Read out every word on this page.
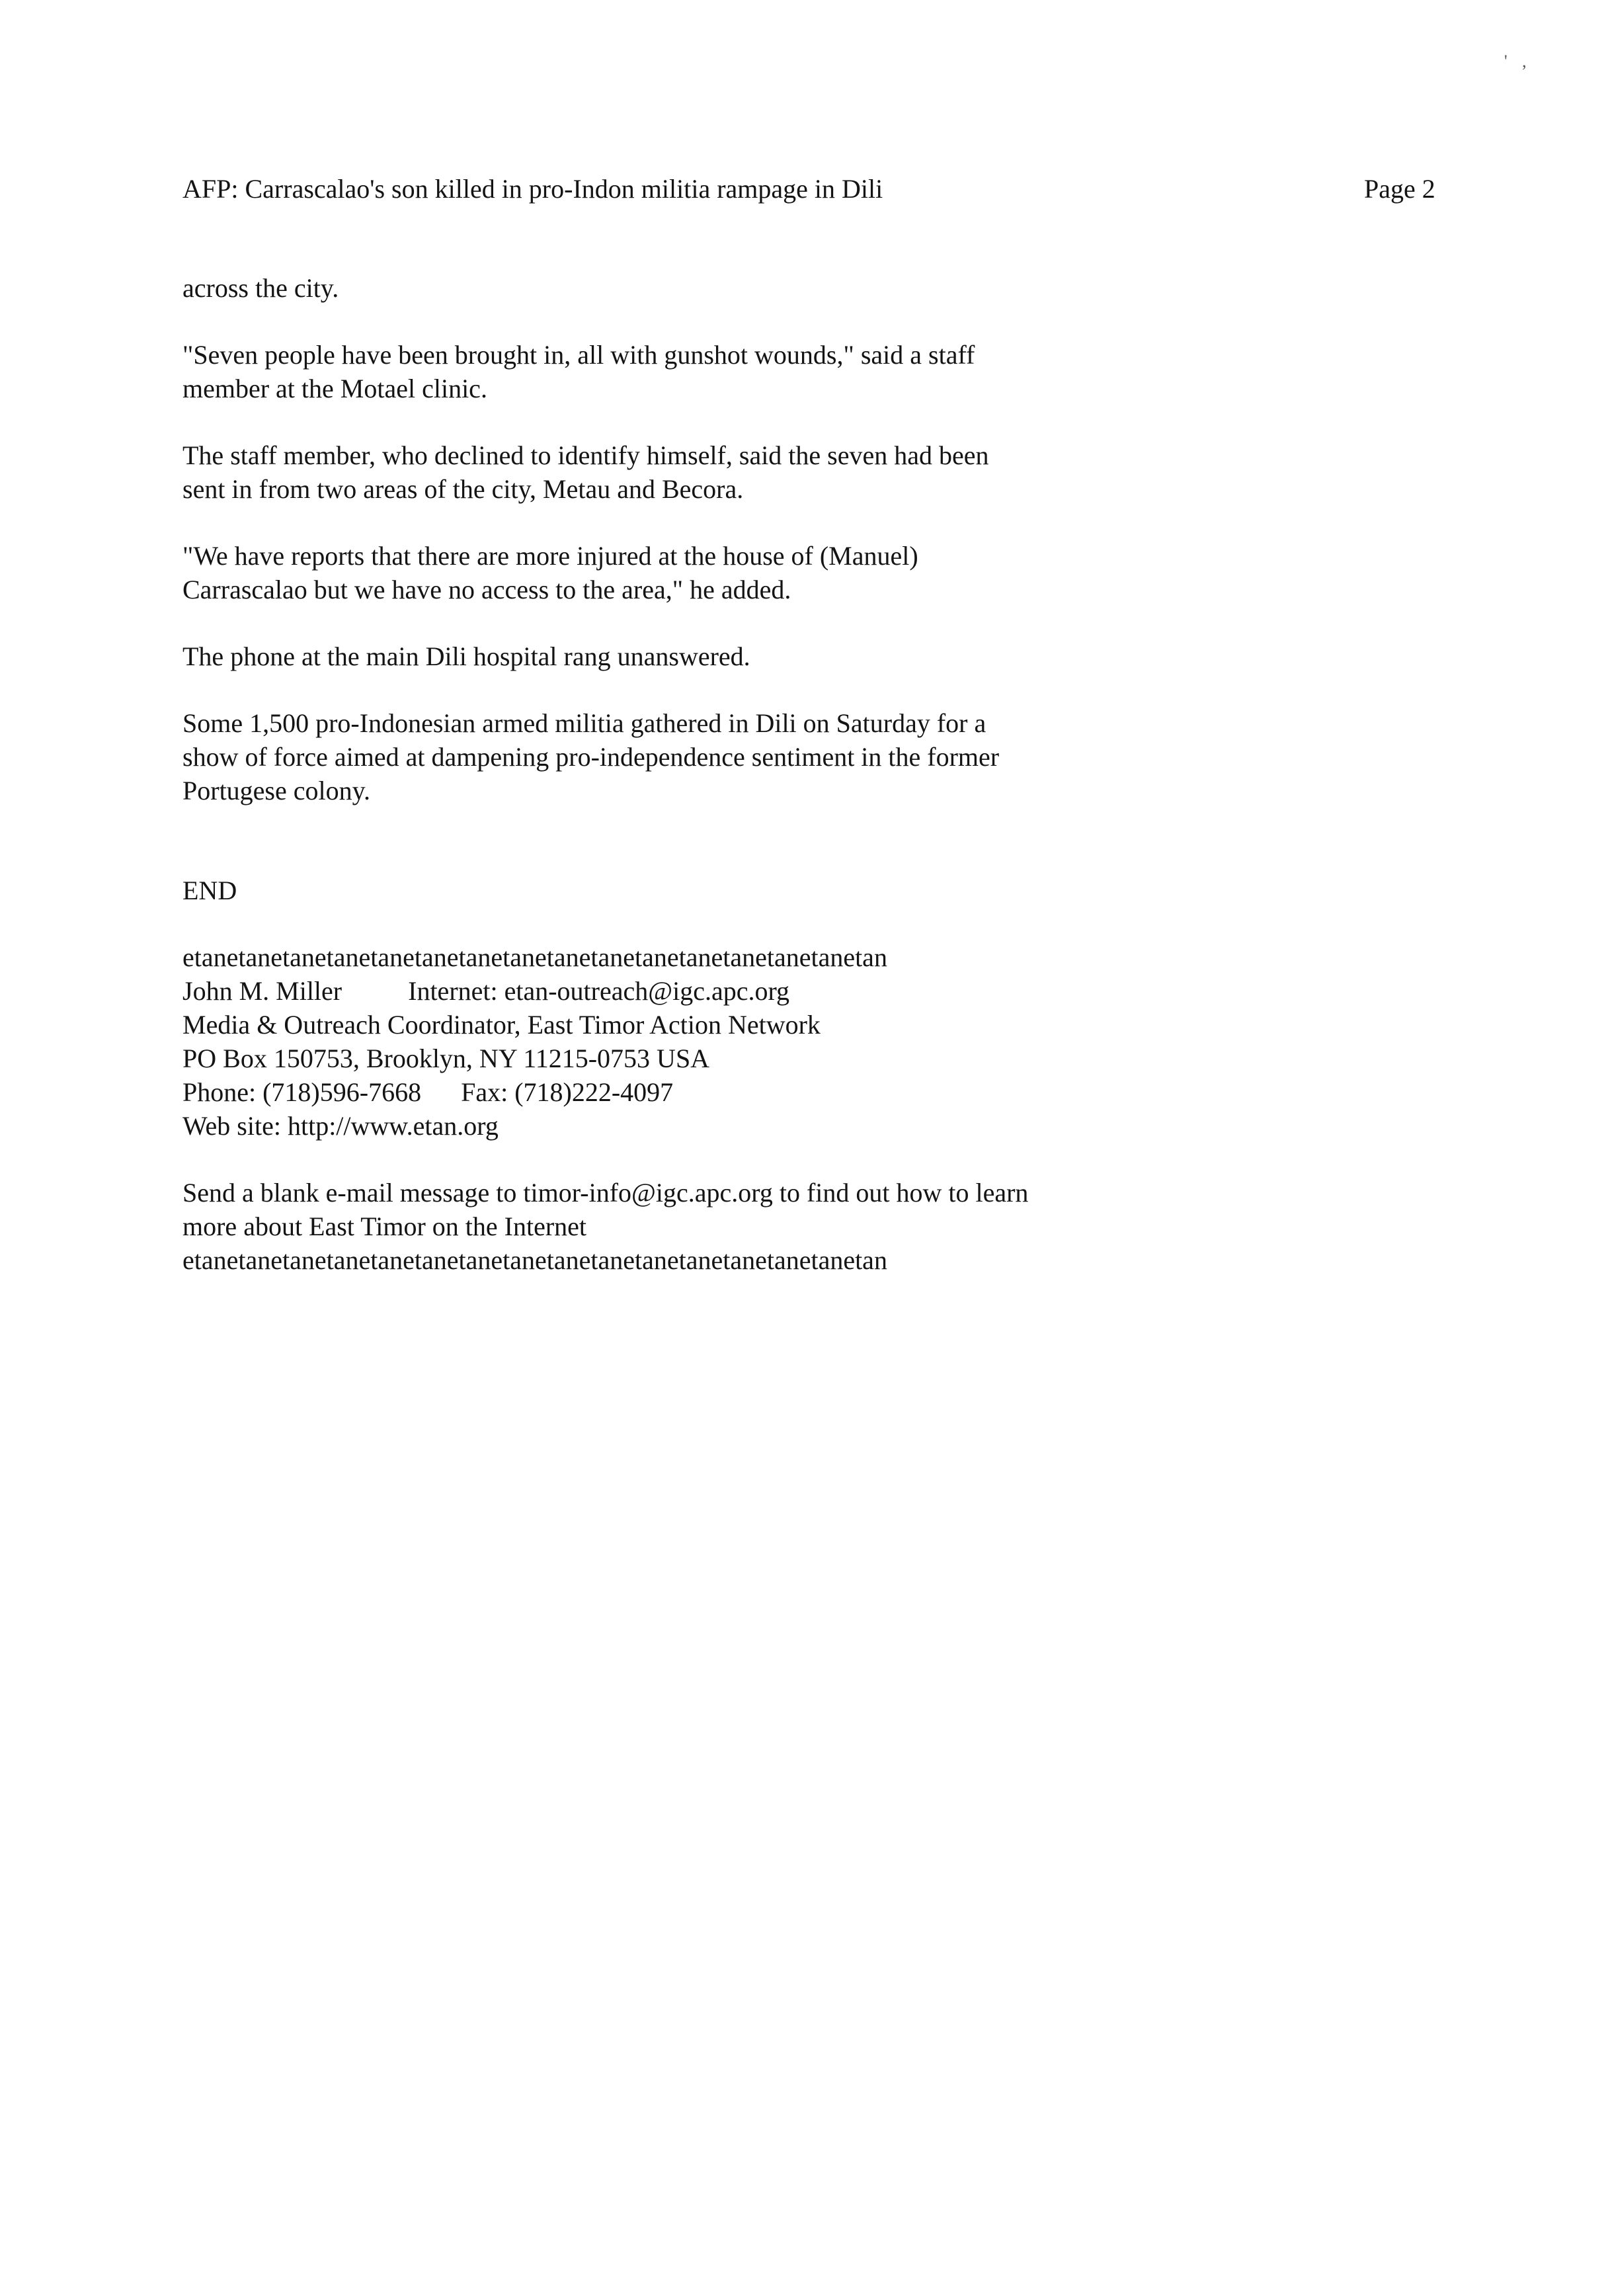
' ,
AFP: Carrascalao's son killed in pro-Indon militia rampage in Dili	Page 2

across the city.

"Seven people have been brought in, all with gunshot wounds," said a staff
member at the Motael clinic.

The staff member, who declined to identify himself, said the seven had been
sent in from two areas of the city, Metau and Becora.

"We have reports that there are more injured at the house of (Manuel)
Carrascalao but we have no access to the area," he added.

The phone at the main Dili hospital rang unanswered.

Some 1,500 pro-Indonesian armed militia gathered in Dili on Saturday for a
show of force aimed at dampening pro-independence sentiment in the former
Portugese colony.

END

etanetanetanetanetanetanetanetanetanetanetanetanetanetanetanetan
John M. Miller	Internet: etan-outreach@igc.apc.org
Media & Outreach Coordinator, East Timor Action Network
PO Box 150753, Brooklyn, NY 11215-0753 USA
Phone: (718)596-7668 Fax: (718)222-4097
Web site: http://www.etan.org
Send a blank e-mail message to timor-info@igc.apc.org to find out how to learn
more about East Timor on the Internet
etanetanetanetanetanetanetanetanetanetanetanetanetanetanetanetan
